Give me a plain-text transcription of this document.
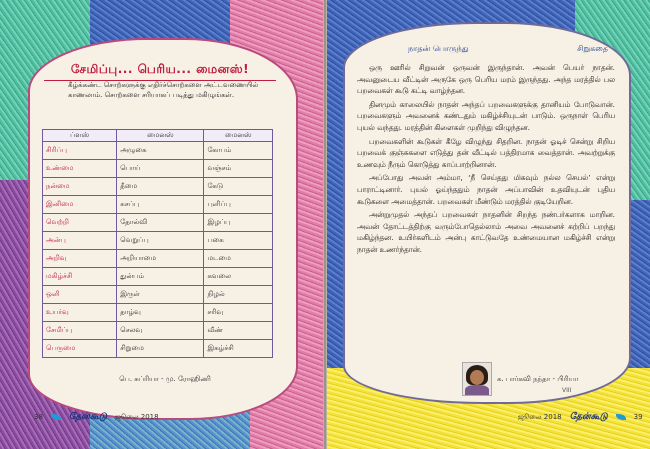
சேமிப்பு... பெரிய... மைனஸ்!
கீழ்க்கண்ட சொற்களுக்கு எதிர்ச்சொற்களை அட்டவணையில் காணலாம். சொற்களை சரியாகப் படித்து மகிழுங்கள்.
ப்ளஸ்	மைனஸ்	மைனஸ்
சிரிப்பு	அழுகை	கோபம்
உண்மை	பொய்	வஞ்சம்
நன்மை	தீமை	கேடு
இனிமை	கசப்பு	புளிப்பு
வெற்றி	தோல்வி	இழப்பு
அன்பு	வெறுப்பு	பகை
அறிவு	அறியாமை	மடமை
மகிழ்ச்சி	துன்பம்	கவலை
ஒளி	இருள்	நிழல்
உயர்வு	தாழ்வு	சரிவு
சேமிப்பு	செலவு	வீண்
பெருமை	சிறுமை	இகழ்ச்சி
பெ. சுப்ரியா - மு. ரோஹிணி
38	தேன்கூடு ஜூலை 2018
நாதன் பொருந்து	சிறுகதை

ஒரு ஊரில் சிறுவன் ஒருவன் இருந்தான். அவன் பெயர் நாதன். அவனுடைய வீட்டின் அருகே ஒரு பெரிய மரம் இருந்தது. அந்த மரத்தில் பல பறவைகள் கூடு கட்டி வாழ்ந்தன.

தினமும் காலையில் நாதன் அந்தப் பறவைகளுக்கு தானியம் போடுவான். பறவைகளும் அவனைக் கண்டதும் மகிழ்ச்சியுடன் பாடும். ஒருநாள் பெரிய புயல் வந்தது. மரத்தின் கிளைகள் முறிந்து விழுந்தன.

பறவைகளின் கூடுகள் கீழே விழுந்து சிதறின. நாதன் ஓடிச் சென்று சிறிய பறவைக் குஞ்சுகளை எடுத்து தன் வீட்டில் பத்திரமாக வைத்தான். அவற்றுக்கு உணவும் நீரும் கொடுத்து காப்பாற்றினான்.

அப்போது அவன் அம்மா, ‘நீ செய்தது மிகவும் நல்ல செயல்’ என்று பாராட்டினார். புயல் ஓய்ந்ததும் நாதன் அப்பாவின் உதவியுடன் புதிய கூடுகளை அமைத்தான். பறவைகள் மீண்டும் மரத்தில் குடியேறின.

அன்றுமுதல் அந்தப் பறவைகள் நாதனின் சிறந்த நண்பர்களாக மாறின. அவன் தோட்டத்திற்கு வரும்போதெல்லாம் அவை அவனைச் சுற்றிப் பறந்து மகிழ்ந்தன. உயிர்களிடம் அன்பு காட்டுவதே உண்மையான மகிழ்ச்சி என்று நாதன் உணர்ந்தான்.

க. பார்கவி நந்தா - பிரியா
VIII
ஜூலை 2018 தேன்கூடு	39
